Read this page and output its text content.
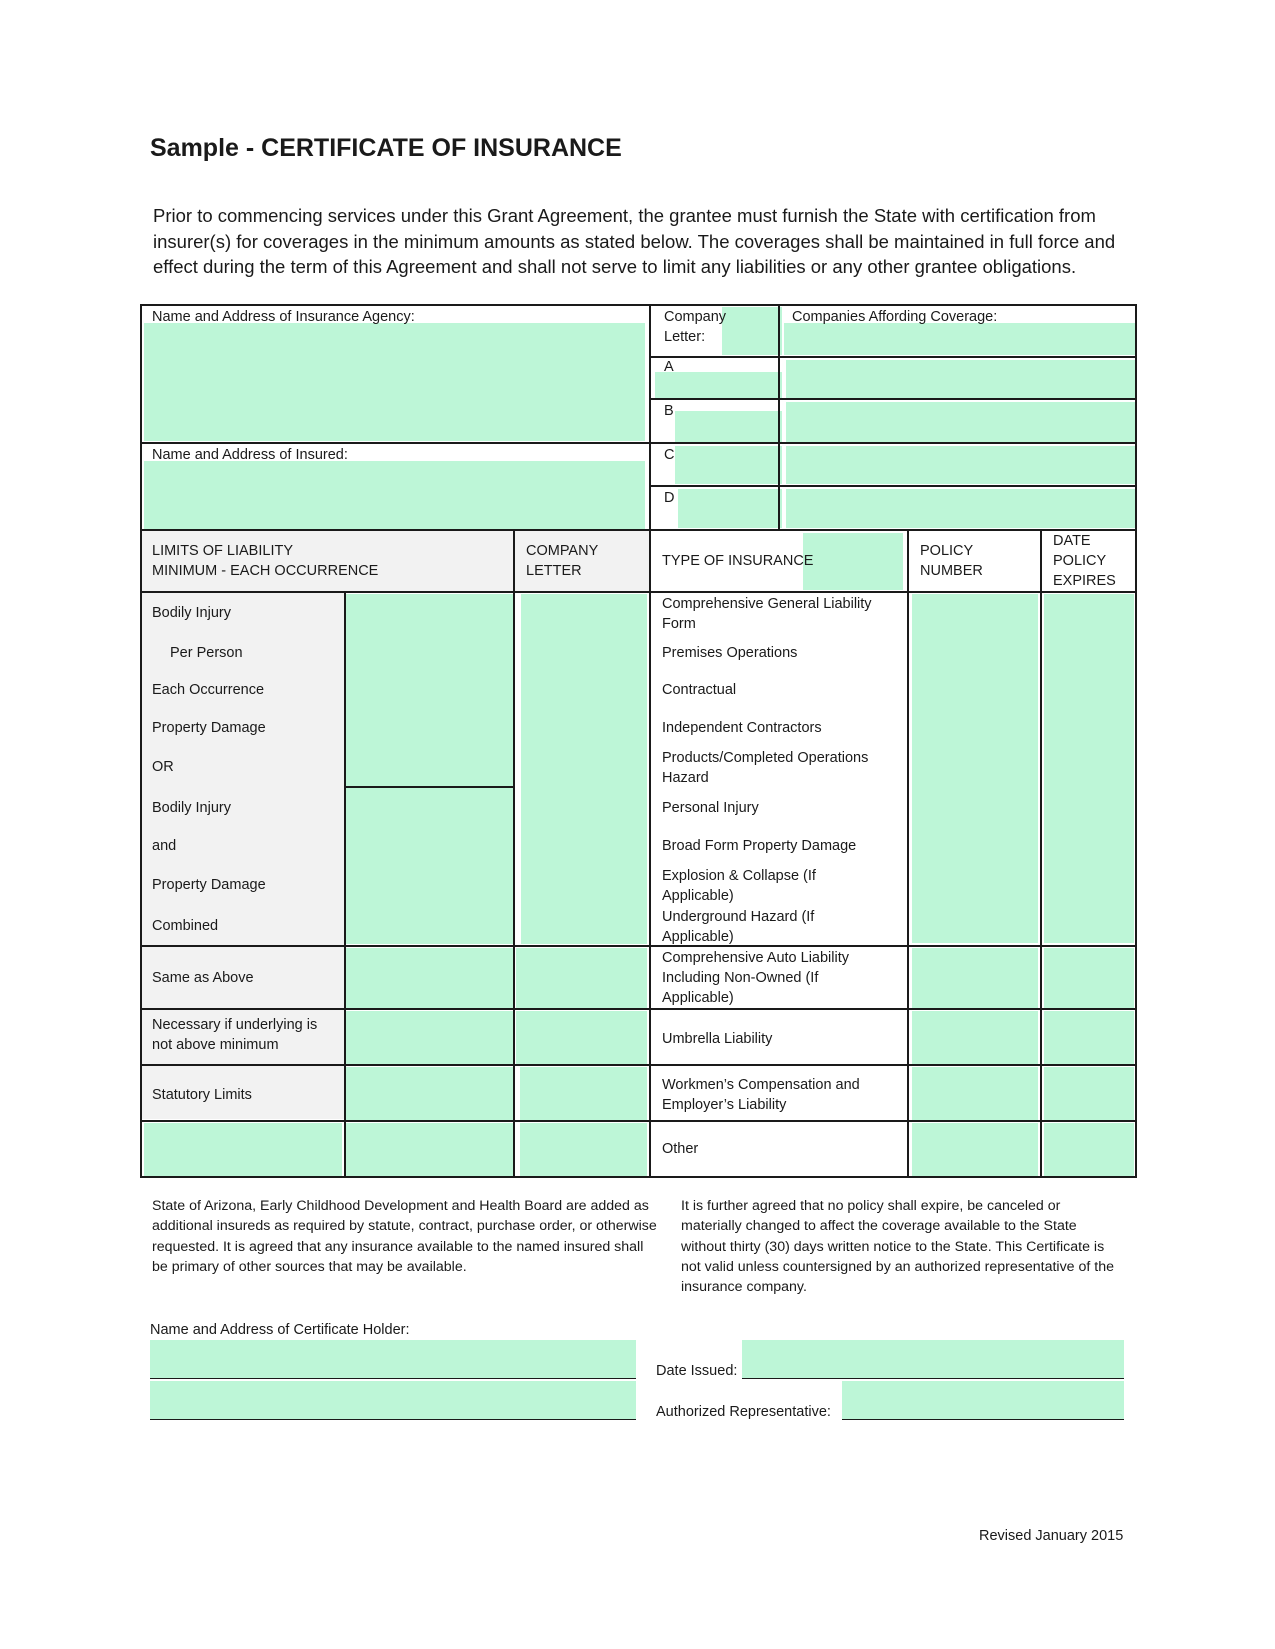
Sample - CERTIFICATE OF INSURANCE
Prior to commencing services under this Grant Agreement, the grantee must furnish the State with certification from insurer(s) for coverages in the minimum amounts as stated below. The coverages shall be maintained in full force and effect during the term of this Agreement and shall not serve to limit any liabilities or any other grantee obligations.
Name and Address of Insurance Agency:
Name and Address of Insured:
Company
Letter:
Companies Affording Coverage:
A
B
C
D
LIMITS OF LIABILITY
MINIMUM - EACH OCCURRENCE
COMPANY
LETTER
TYPE OF INSURANCE
POLICY
NUMBER
DATE
POLICY
EXPIRES
Bodily Injury
Per Person
Each Occurrence
Property Damage
OR
Bodily Injury
and
Property Damage
Combined
Same as Above
Necessary if underlying is not above minimum
Statutory Limits
Comprehensive General Liability Form
Premises Operations
Contractual
Independent Contractors
Products/Completed Operations Hazard
Personal Injury
Broad Form Property Damage
Explosion & Collapse (If Applicable)
Underground Hazard (If Applicable)
Comprehensive Auto Liability Including Non-Owned (If Applicable)
Umbrella Liability
Workmen’s Compensation and Employer’s Liability
Other
State of Arizona, Early Childhood Development and Health Board are added as additional insureds as required by statute, contract, purchase order, or otherwise requested. It is agreed that any insurance available to the named insured shall be primary of other sources that may be available.
It is further agreed that no policy shall expire, be canceled or materially changed to affect the coverage available to the State without thirty (30) days written notice to the State. This Certificate is not valid unless countersigned by an authorized representative of the insurance company.
Name and Address of Certificate Holder:
Date Issued:
Authorized Representative:
Revised January 2015
